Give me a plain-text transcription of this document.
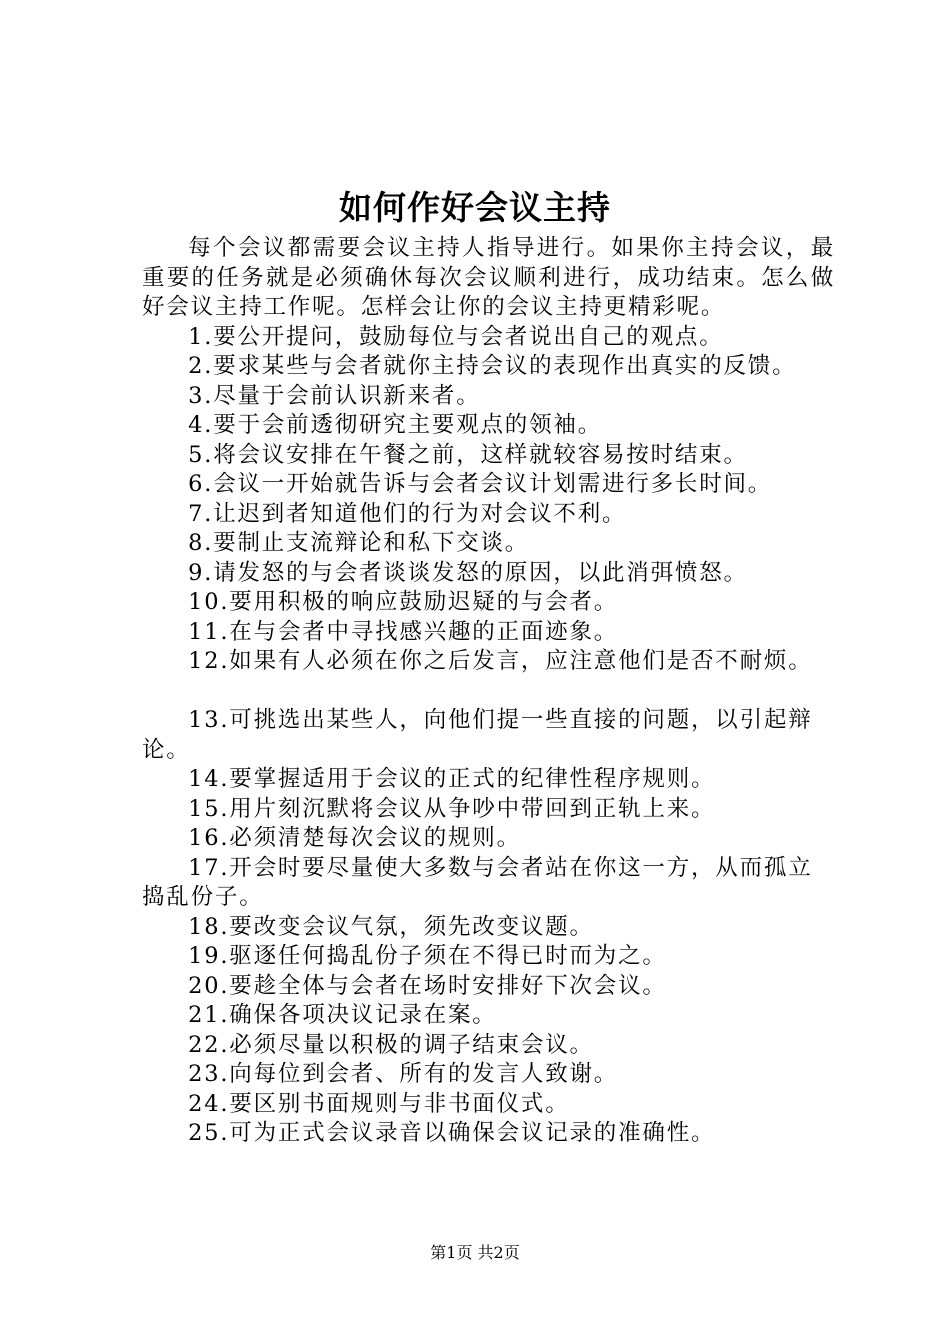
如何作好会议主持

每个会议都需要会议主持人指导进行。如果你主持会议，最重要的任务就是必须确休每次会议顺利进行，成功结束。怎么做好会议主持工作呢。怎样会让你的会议主持更精彩呢。

1.要公开提问，鼓励每位与会者说出自己的观点。

2.要求某些与会者就你主持会议的表现作出真实的反馈。

3.尽量于会前认识新来者。

4.要于会前透彻研究主要观点的领袖。

5.将会议安排在午餐之前，这样就较容易按时结束。

6.会议一开始就告诉与会者会议计划需进行多长时间。

7.让迟到者知道他们的行为对会议不利。

8.要制止支流辩论和私下交谈。

9.请发怒的与会者谈谈发怒的原因，以此消弭愤怒。

10.要用积极的响应鼓励迟疑的与会者。

11.在与会者中寻找感兴趣的正面迹象。

12.如果有人必须在你之后发言，应注意他们是否不耐烦。

13.可挑选出某些人，向他们提一些直接的问题，以引起辩论。

14.要掌握适用于会议的正式的纪律性程序规则。

15.用片刻沉默将会议从争吵中带回到正轨上来。

16.必须清楚每次会议的规则。

17.开会时要尽量使大多数与会者站在你这一方，从而孤立捣乱份子。

18.要改变会议气氛，须先改变议题。

19.驱逐任何捣乱份子须在不得已时而为之。

20.要趁全体与会者在场时安排好下次会议。

21.确保各项决议记录在案。

22.必须尽量以积极的调子结束会议。

23.向每位到会者、所有的发言人致谢。

24.要区别书面规则与非书面仪式。

25.可为正式会议录音以确保会议记录的准确性。

第1页 共2页
